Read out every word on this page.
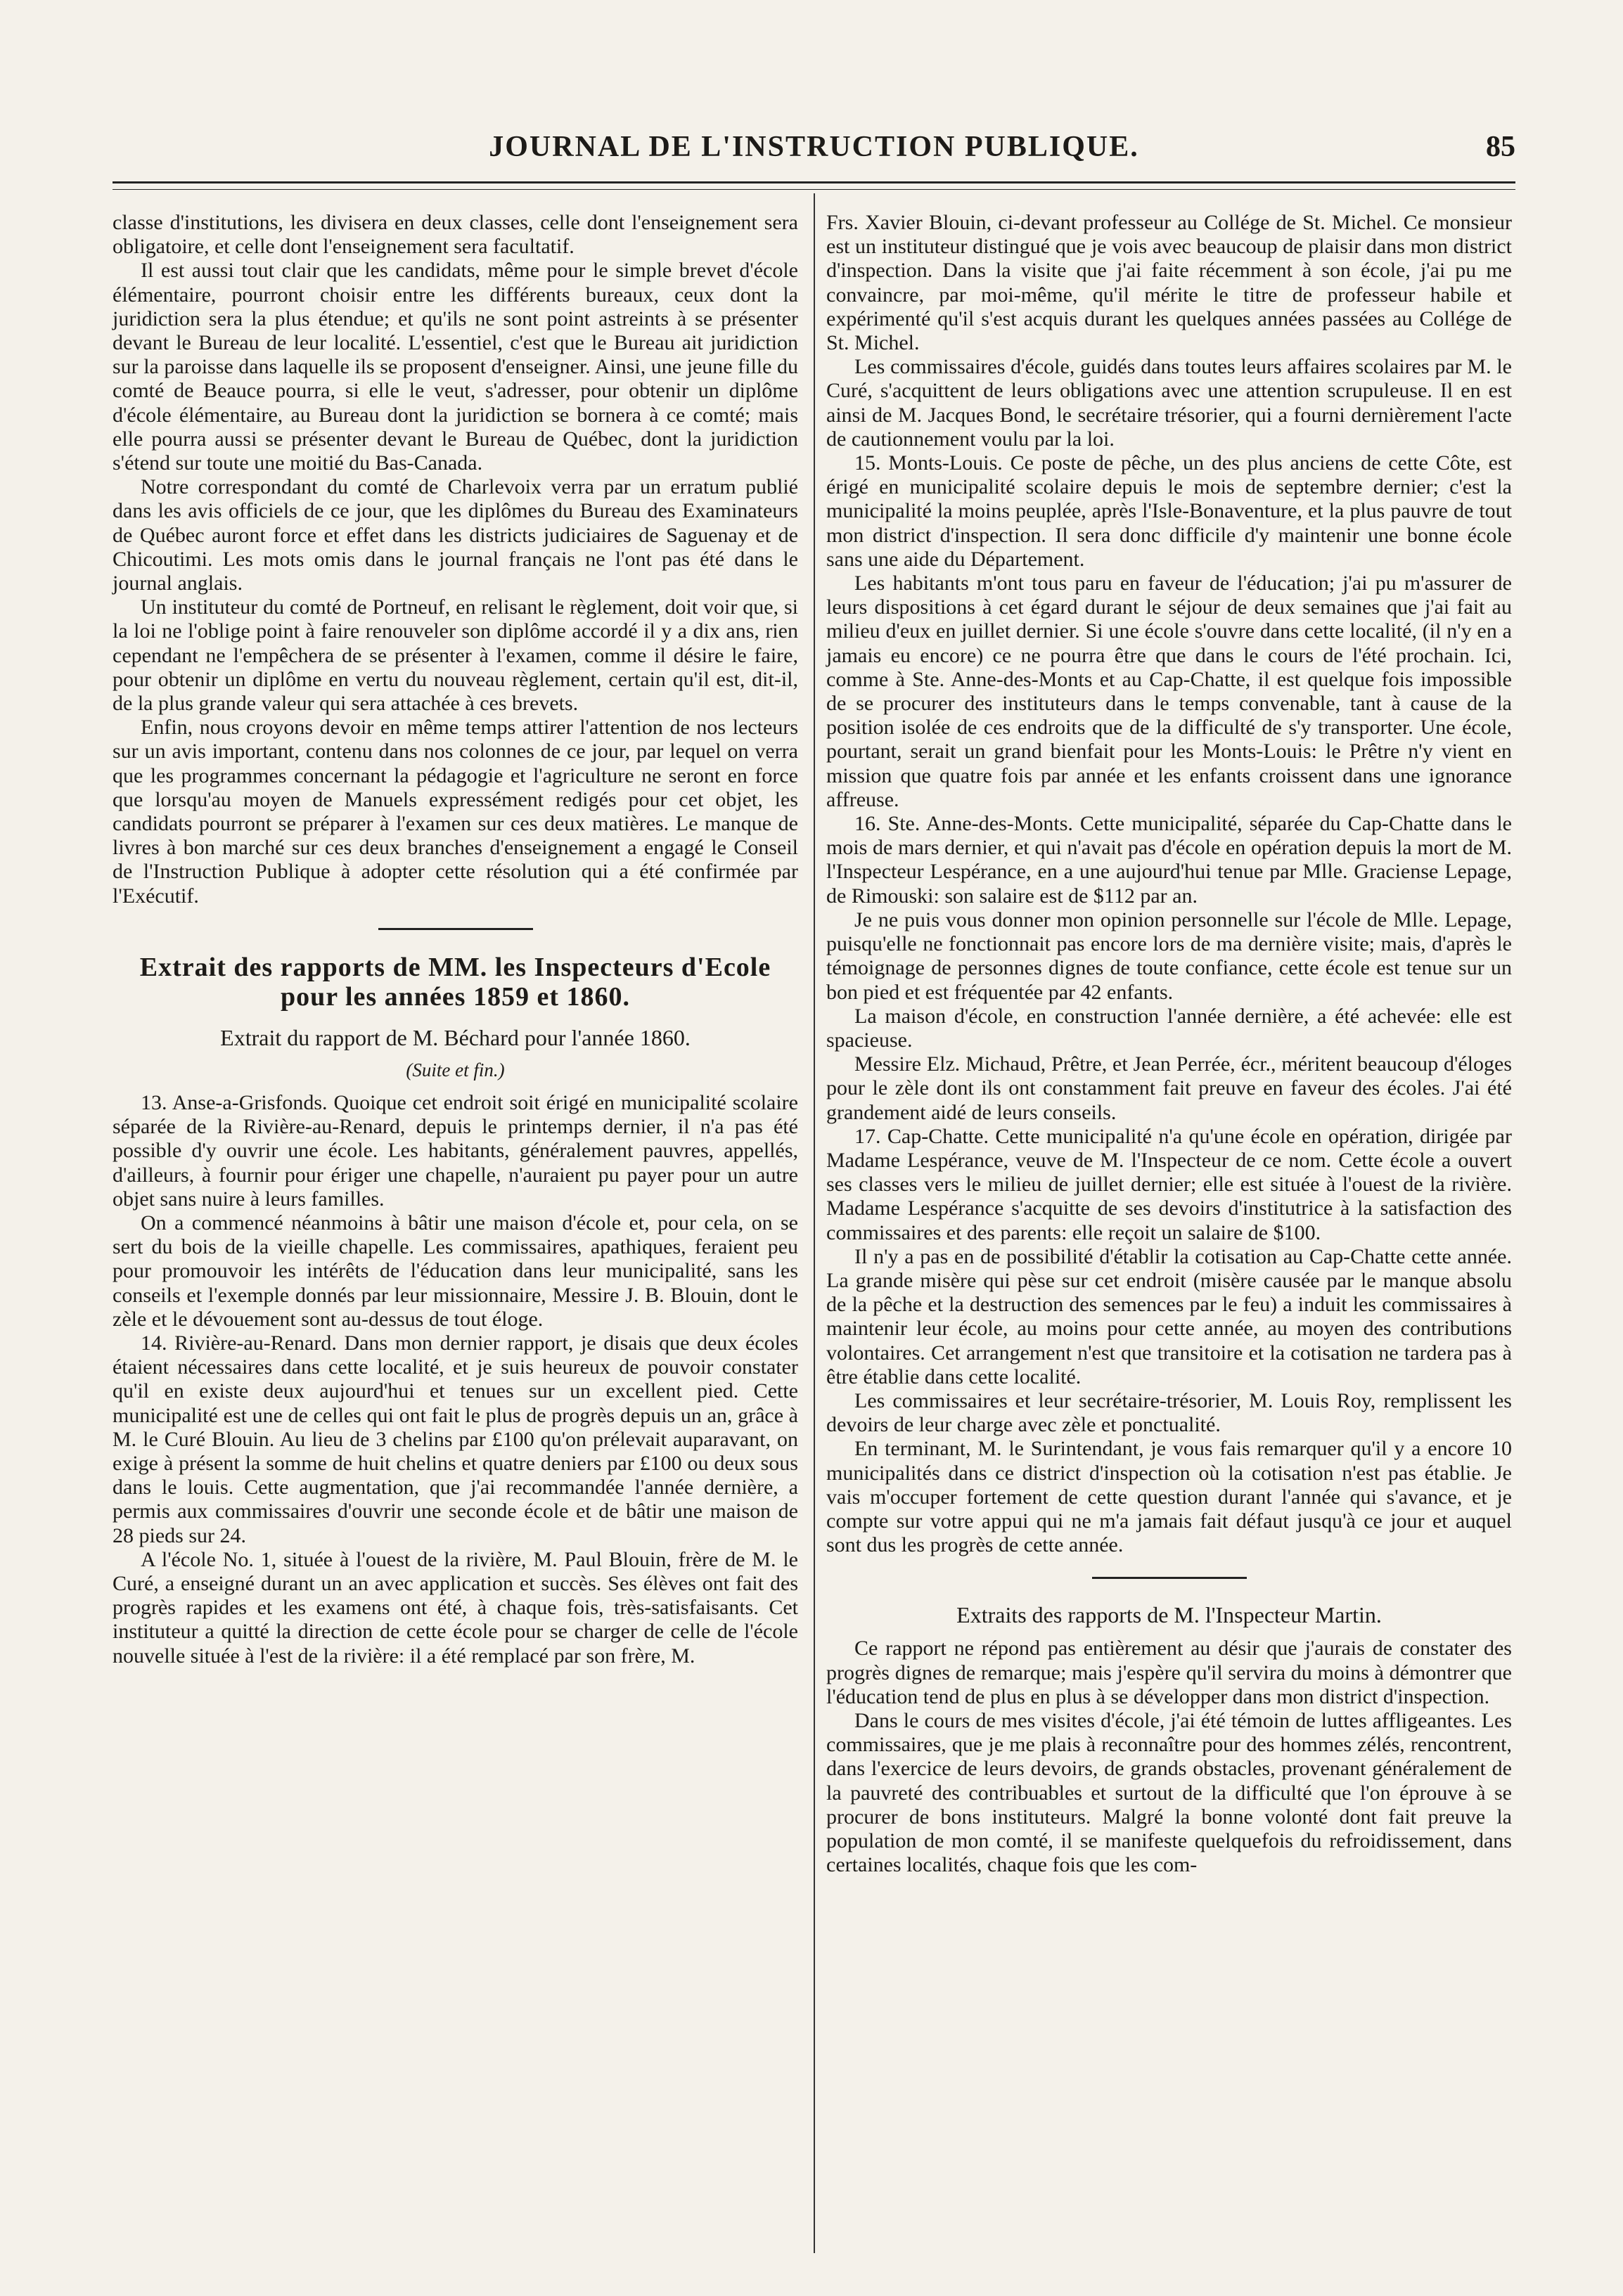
JOURNAL DE L'INSTRUCTION PUBLIQUE.	85

classe d'institutions, les divisera en deux classes, celle dont l'enseignement sera obligatoire, et celle dont l'enseignement sera facultatif.

Il est aussi tout clair que les candidats, même pour le simple brevet d'école élémentaire, pourront choisir entre les différents bureaux, ceux dont la juridiction sera la plus étendue; et qu'ils ne sont point astreints à se présenter devant le Bureau de leur localité. L'essentiel, c'est que le Bureau ait juridiction sur la paroisse dans laquelle ils se proposent d'enseigner. Ainsi, une jeune fille du comté de Beauce pourra, si elle le veut, s'adresser, pour obtenir un diplôme d'école élémentaire, au Bureau dont la juridiction se bornera à ce comté; mais elle pourra aussi se présenter devant le Bureau de Québec, dont la juridiction s'étend sur toute une moitié du Bas-Canada.

Notre correspondant du comté de Charlevoix verra par un erratum publié dans les avis officiels de ce jour, que les diplômes du Bureau des Examinateurs de Québec auront force et effet dans les districts judiciaires de Saguenay et de Chicoutimi. Les mots omis dans le journal français ne l'ont pas été dans le journal anglais.

Un instituteur du comté de Portneuf, en relisant le règlement, doit voir que, si la loi ne l'oblige point à faire renouveler son diplôme accordé il y a dix ans, rien cependant ne l'empêchera de se présenter à l'examen, comme il désire le faire, pour obtenir un diplôme en vertu du nouveau règlement, certain qu'il est, dit-il, de la plus grande valeur qui sera attachée à ces brevets.

Enfin, nous croyons devoir en même temps attirer l'attention de nos lecteurs sur un avis important, contenu dans nos colonnes de ce jour, par lequel on verra que les programmes concernant la pédagogie et l'agriculture ne seront en force que lorsqu'au moyen de Manuels expressément redigés pour cet objet, les candidats pourront se préparer à l'examen sur ces deux matières. Le manque de livres à bon marché sur ces deux branches d'enseignement a engagé le Conseil de l'Instruction Publique à adopter cette résolution qui a été confirmée par l'Exécutif.

Extrait des rapports de MM. les Inspecteurs d'Ecole pour les années 1859 et 1860.
Extrait du rapport de M. Béchard pour l'année 1860.
(Suite et fin.)

13. Anse-a-Grisfonds. Quoique cet endroit soit érigé en municipalité scolaire séparée de la Rivière-au-Renard, depuis le printemps dernier, il n'a pas été possible d'y ouvrir une école. Les habitants, généralement pauvres, appellés, d'ailleurs, à fournir pour ériger une chapelle, n'auraient pu payer pour un autre objet sans nuire à leurs familles.

On a commencé néanmoins à bâtir une maison d'école et, pour cela, on se sert du bois de la vieille chapelle. Les commissaires, apathiques, feraient peu pour promouvoir les intérêts de l'éducation dans leur municipalité, sans les conseils et l'exemple donnés par leur missionnaire, Messire J. B. Blouin, dont le zèle et le dévouement sont au-dessus de tout éloge.

14. Rivière-au-Renard. Dans mon dernier rapport, je disais que deux écoles étaient nécessaires dans cette localité, et je suis heureux de pouvoir constater qu'il en existe deux aujourd'hui et tenues sur un excellent pied. Cette municipalité est une de celles qui ont fait le plus de progrès depuis un an, grâce à M. le Curé Blouin. Au lieu de 3 chelins par £100 qu'on prélevait auparavant, on exige à présent la somme de huit chelins et quatre deniers par £100 ou deux sous dans le louis. Cette augmentation, que j'ai recommandée l'année dernière, a permis aux commissaires d'ouvrir une seconde école et de bâtir une maison de 28 pieds sur 24.

A l'école No. 1, située à l'ouest de la rivière, M. Paul Blouin, frère de M. le Curé, a enseigné durant un an avec application et succès. Ses élèves ont fait des progrès rapides et les examens ont été, à chaque fois, très-satisfaisants. Cet instituteur a quitté la direction de cette école pour se charger de celle de l'école nouvelle située à l'est de la rivière: il a été remplacé par son frère, M.

Frs. Xavier Blouin, ci-devant professeur au Collége de St. Michel. Ce monsieur est un instituteur distingué que je vois avec beaucoup de plaisir dans mon district d'inspection. Dans la visite que j'ai faite récemment à son école, j'ai pu me convaincre, par moi-même, qu'il mérite le titre de professeur habile et expérimenté qu'il s'est acquis durant les quelques années passées au Collége de St. Michel.

Les commissaires d'école, guidés dans toutes leurs affaires scolaires par M. le Curé, s'acquittent de leurs obligations avec une attention scrupuleuse. Il en est ainsi de M. Jacques Bond, le secrétaire trésorier, qui a fourni dernièrement l'acte de cautionnement voulu par la loi.

15. Monts-Louis. Ce poste de pêche, un des plus anciens de cette Côte, est érigé en municipalité scolaire depuis le mois de septembre dernier; c'est la municipalité la moins peuplée, après l'Isle-Bonaventure, et la plus pauvre de tout mon district d'inspection. Il sera donc difficile d'y maintenir une bonne école sans une aide du Département.

Les habitants m'ont tous paru en faveur de l'éducation; j'ai pu m'assurer de leurs dispositions à cet égard durant le séjour de deux semaines que j'ai fait au milieu d'eux en juillet dernier. Si une école s'ouvre dans cette localité, (il n'y en a jamais eu encore) ce ne pourra être que dans le cours de l'été prochain. Ici, comme à Ste. Anne-des-Monts et au Cap-Chatte, il est quelque fois impossible de se procurer des instituteurs dans le temps convenable, tant à cause de la position isolée de ces endroits que de la difficulté de s'y transporter. Une école, pourtant, serait un grand bienfait pour les Monts-Louis: le Prêtre n'y vient en mission que quatre fois par année et les enfants croissent dans une ignorance affreuse.

16. Ste. Anne-des-Monts. Cette municipalité, séparée du Cap-Chatte dans le mois de mars dernier, et qui n'avait pas d'école en opération depuis la mort de M. l'Inspecteur Lespérance, en a une aujourd'hui tenue par Mlle. Graciense Lepage, de Rimouski: son salaire est de $112 par an.

Je ne puis vous donner mon opinion personnelle sur l'école de Mlle. Lepage, puisqu'elle ne fonctionnait pas encore lors de ma dernière visite; mais, d'après le témoignage de personnes dignes de toute confiance, cette école est tenue sur un bon pied et est fréquentée par 42 enfants.

La maison d'école, en construction l'année dernière, a été achevée: elle est spacieuse.

Messire Elz. Michaud, Prêtre, et Jean Perrée, écr., méritent beaucoup d'éloges pour le zèle dont ils ont constamment fait preuve en faveur des écoles. J'ai été grandement aidé de leurs conseils.

17. Cap-Chatte. Cette municipalité n'a qu'une école en opération, dirigée par Madame Lespérance, veuve de M. l'Inspecteur de ce nom. Cette école a ouvert ses classes vers le milieu de juillet dernier; elle est située à l'ouest de la rivière. Madame Lespérance s'acquitte de ses devoirs d'institutrice à la satisfaction des commissaires et des parents: elle reçoit un salaire de $100.

Il n'y a pas en de possibilité d'établir la cotisation au Cap-Chatte cette année. La grande misère qui pèse sur cet endroit (misère causée par le manque absolu de la pêche et la destruction des semences par le feu) a induit les commissaires à maintenir leur école, au moins pour cette année, au moyen des contributions volontaires. Cet arrangement n'est que transitoire et la cotisation ne tardera pas à être établie dans cette localité.

Les commissaires et leur secrétaire-trésorier, M. Louis Roy, remplissent les devoirs de leur charge avec zèle et ponctualité.

En terminant, M. le Surintendant, je vous fais remarquer qu'il y a encore 10 municipalités dans ce district d'inspection où la cotisation n'est pas établie. Je vais m'occuper fortement de cette question durant l'année qui s'avance, et je compte sur votre appui qui ne m'a jamais fait défaut jusqu'à ce jour et auquel sont dus les progrès de cette année.

Extraits des rapports de M. l'Inspecteur Martin.

Ce rapport ne répond pas entièrement au désir que j'aurais de constater des progrès dignes de remarque; mais j'espère qu'il servira du moins à démontrer que l'éducation tend de plus en plus à se développer dans mon district d'inspection.

Dans le cours de mes visites d'école, j'ai été témoin de luttes affligeantes. Les commissaires, que je me plais à reconnaître pour des hommes zélés, rencontrent, dans l'exercice de leurs devoirs, de grands obstacles, provenant généralement de la pauvreté des contribuables et surtout de la difficulté que l'on éprouve à se procurer de bons instituteurs. Malgré la bonne volonté dont fait preuve la population de mon comté, il se manifeste quelquefois du refroidissement, dans certaines localités, chaque fois que les com-
